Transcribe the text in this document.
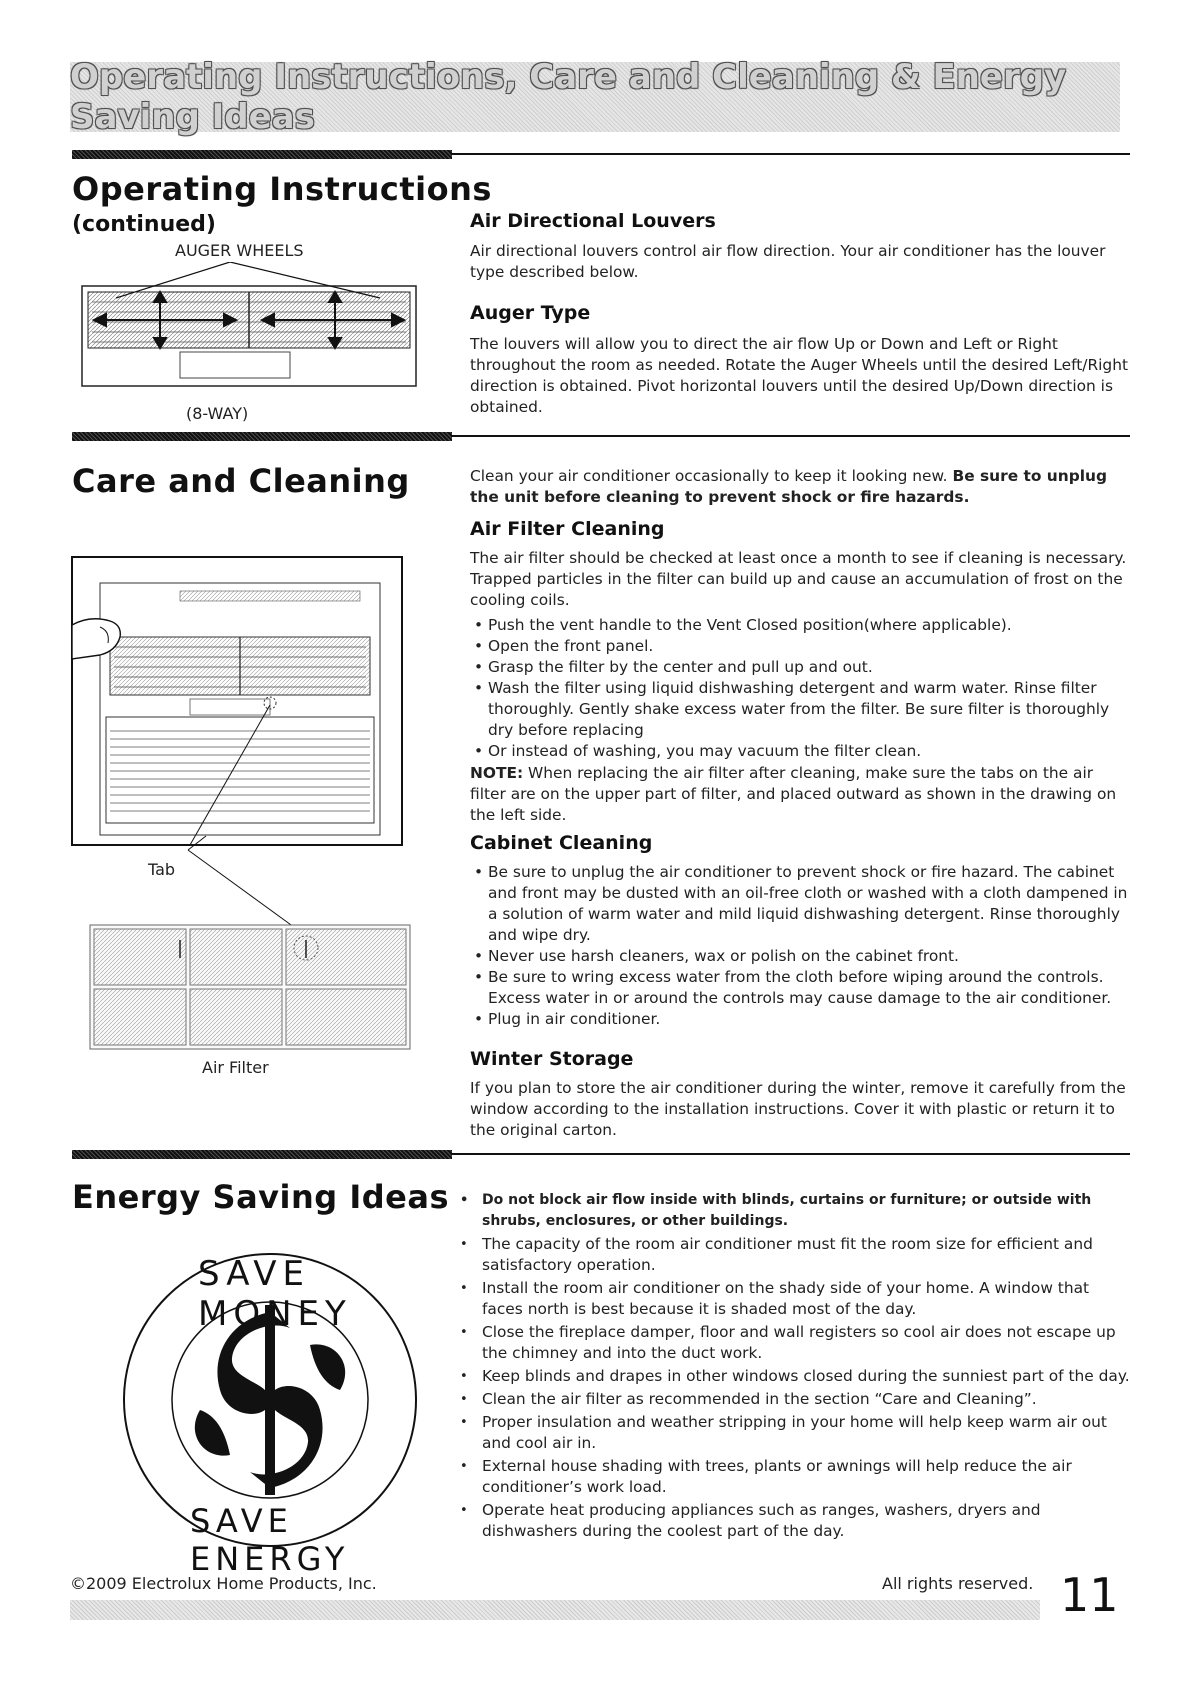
Operating Instructions, Care and Cleaning & Energy Saving Ideas
Operating Instructions
(continued)
AUGER WHEELS
(8-WAY)
Air Directional Louvers
Air directional louvers control air flow direction. Your air conditioner has the louver type described below.
Auger Type
The louvers will allow you to direct the air flow Up or Down and Left or Right throughout the room as needed. Rotate the Auger Wheels until the desired Left/Right direction is obtained. Pivot horizontal louvers until the desired Up/Down direction is obtained.
Care and Cleaning	Clean your air conditioner occasionally to keep it looking new. Be sure to unplug the unit before cleaning to prevent shock or fire hazards.
Tab
Air Filter
Air Filter Cleaning
The air filter should be checked at least once a month to see if cleaning is necessary. Trapped particles in the filter can build up and cause an accumulation of frost on the cooling coils.
• Push the vent handle to the Vent Closed position(where applicable).
• Open the front panel.
• Grasp the filter by the center and pull up and out.
• Wash the filter using liquid dishwashing detergent and warm water. Rinse filter thoroughly. Gently shake excess water from the filter. Be sure filter is thoroughly dry before replacing
• Or instead of washing, you may vacuum the filter clean.
NOTE: When replacing the air filter after cleaning, make sure the tabs on the air filter are on the upper part of filter, and placed outward as shown in the drawing on the left side.
Cabinet Cleaning
• Be sure to unplug the air conditioner to prevent shock or fire hazard. The cabinet and front may be dusted with an oil-free cloth or washed with a cloth dampened in a solution of warm water and mild liquid dishwashing detergent. Rinse thoroughly and wipe dry.
• Never use harsh cleaners, wax or polish on the cabinet front.
• Be sure to wring excess water from the cloth before wiping around the controls. Excess water in or around the controls may cause damage to the air conditioner.
• Plug in air conditioner.
Winter Storage
If you plan to store the air conditioner during the winter, remove it carefully from the window according to the installation instructions. Cover it with plastic or return it to the original carton.
Energy Saving Ideas
SAVE MONEY
SAVE ENERGY
• Do not block air flow inside with blinds, curtains or furniture; or outside with shrubs, enclosures, or other buildings.
• The capacity of the room air conditioner must fit the room size for efficient and satisfactory operation.
• Install the room air conditioner on the shady side of your home. A window that faces north is best because it is shaded most of the day.
• Close the fireplace damper, floor and wall registers so cool air does not escape up the chimney and into the duct work.
• Keep blinds and drapes in other windows closed during the sunniest part of the day.
• Clean the air filter as recommended in the section “Care and Cleaning”.
• Proper insulation and weather stripping in your home will help keep warm air out and cool air in.
• External house shading with trees, plants or awnings will help reduce the air conditioner’s work load.
• Operate heat producing appliances such as ranges, washers, dryers and dishwashers during the coolest part of the day.
©2009 Electrolux Home Products, Inc.	All rights reserved. 11
